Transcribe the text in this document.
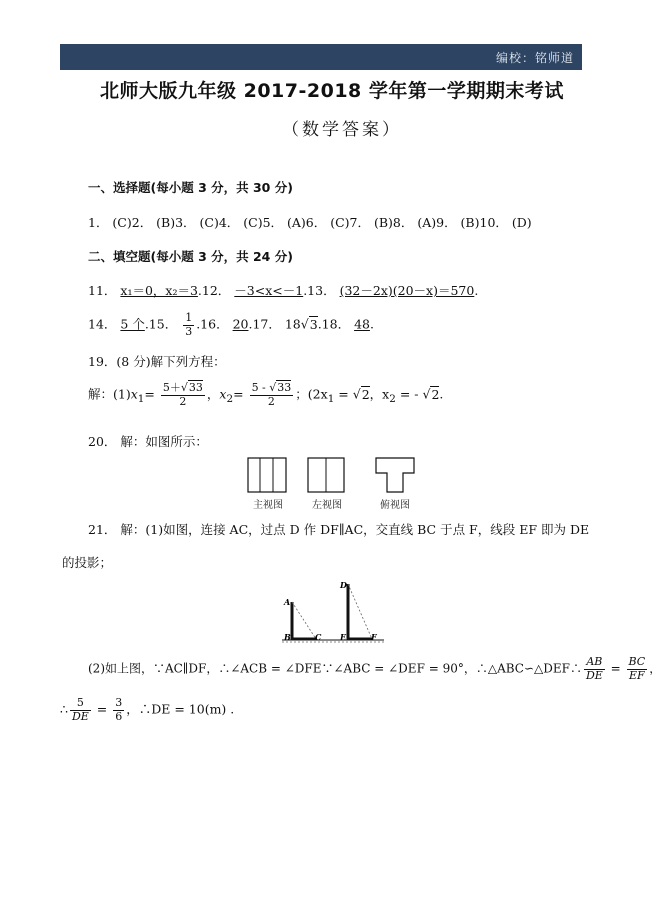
编校：铭师道
北师大版九年级 2017-2018 学年第一学期期末考试
（数学答案）
一、选择题(每小题 3 分，共 30 分)
1． (C)2． (B)3． (C)4． (C)5． (A)6． (C)7． (B)8． (A)9． (B)10． (D)
二、填空题(每小题 3 分，共 24 分)
11． x₁＝0，x₂＝3.12． －3<x<－1.13． (32－2x)(20－x)＝570.
14． 5 个.15． $\frac{1}{3} .16$． 20.17． 18√3.18． 48.
19．(8 分)解下列方程：
解：$(1)x_1= \frac{5+√33}{2}$ ，$x_2= \frac{5 - √33}{2}$ ；($2x_1 = √2$，$x_2$ = - √2.
20． 解：如图所示：
主视图	左视图	俯视图
21． 解：(1)如图，连接 AC，过点 D 作 DF∥AC，交直线 BC 于点 F，线段 EF 即为 DE
的投影；
A
B	C
D
E	F
(2)如上图，∵AC∥DF，∴∠ACB = ∠DFE∵∠ABC = ∠DEF = 90°，∴△ABC∽△DEF∴ $\frac{AB}{DE} = \frac{BC}{EF}$ ，
∴ $\frac{5}{DE} = \frac{3}{6}$ ，∴DE = 10(m) .
